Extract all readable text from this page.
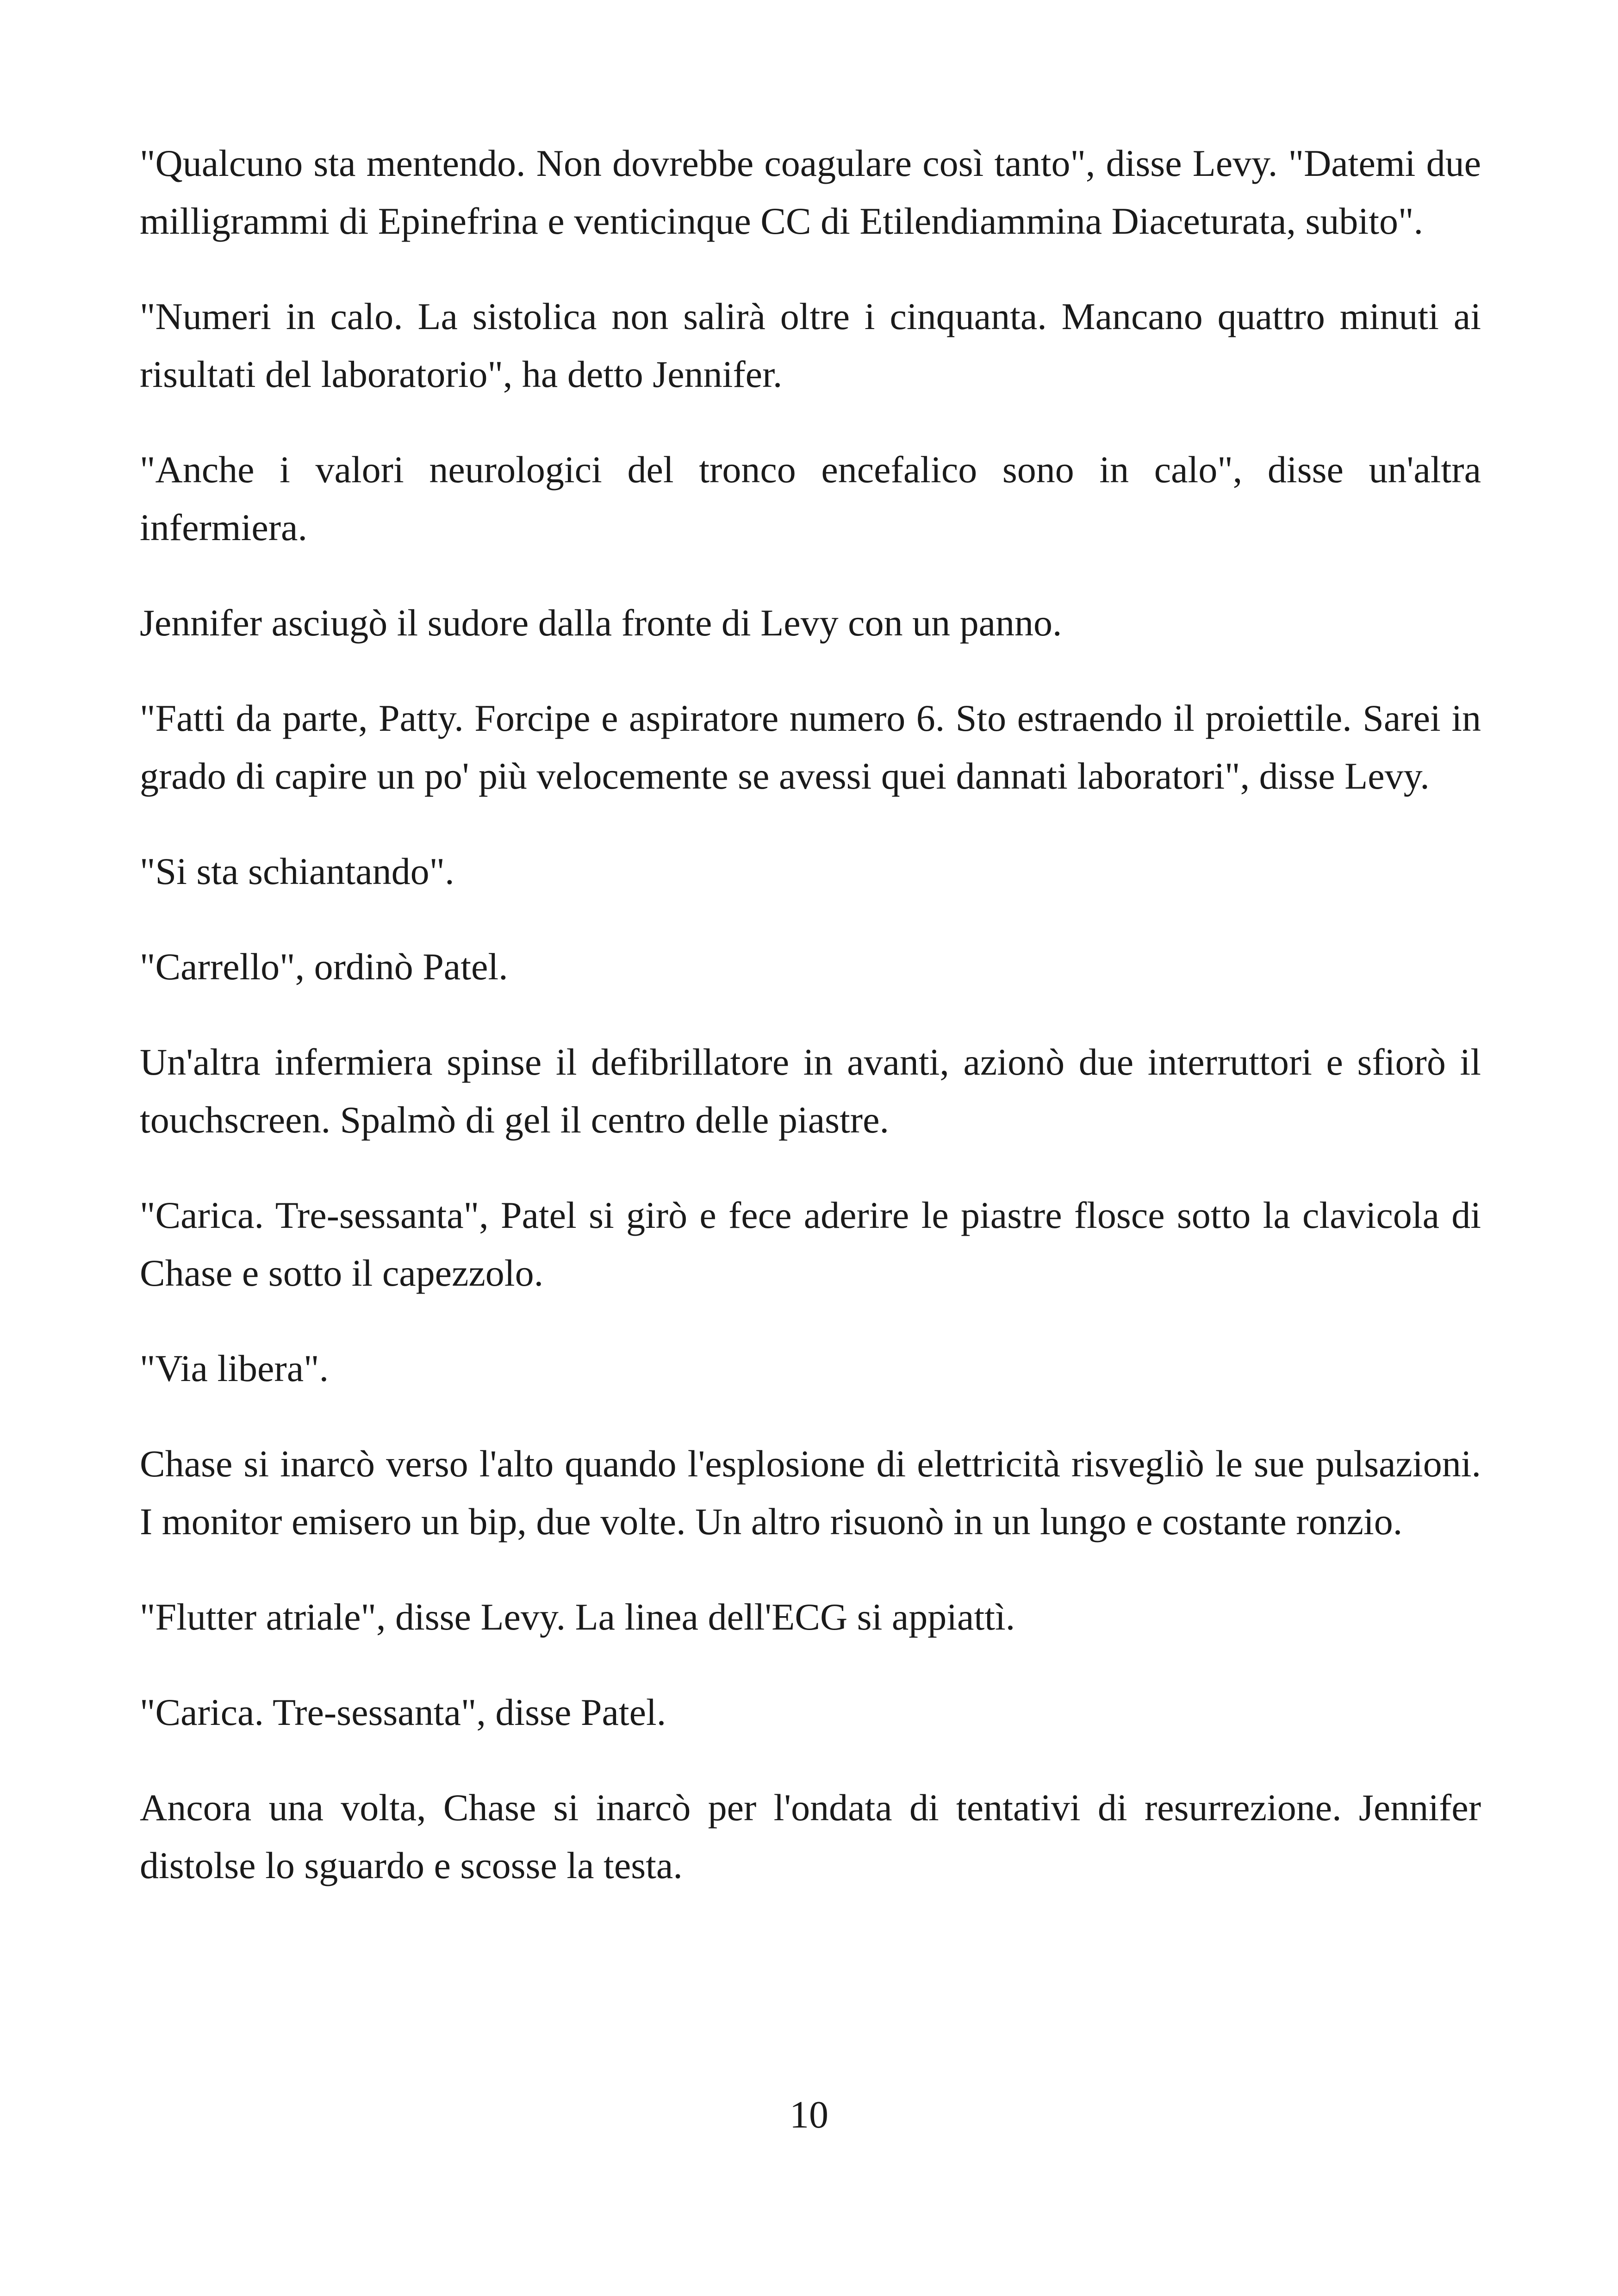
"Qualcuno sta mentendo. Non dovrebbe coagulare così tanto", disse Levy. "Datemi due milligrammi di Epinefrina e venticinque CC di Etilendiammina Diaceturata, subito".

"Numeri in calo. La sistolica non salirà oltre i cinquanta. Mancano quattro minuti ai risultati del laboratorio", ha detto Jennifer.

"Anche i valori neurologici del tronco encefalico sono in calo", disse un'altra infermiera.

Jennifer asciugò il sudore dalla fronte di Levy con un panno.

"Fatti da parte, Patty. Forcipe e aspiratore numero 6. Sto estraendo il proiettile. Sarei in grado di capire un po' più velocemente se avessi quei dannati laboratori", disse Levy.

"Si sta schiantando".

"Carrello", ordinò Patel.

Un'altra infermiera spinse il defibrillatore in avanti, azionò due interruttori e sfiorò il touchscreen. Spalmò di gel il centro delle piastre.

"Carica. Tre-sessanta", Patel si girò e fece aderire le piastre flosce sotto la clavicola di Chase e sotto il capezzolo.

"Via libera".

Chase si inarcò verso l'alto quando l'esplosione di elettricità risvegliò le sue pulsazioni. I monitor emisero un bip, due volte. Un altro risuonò in un lungo e costante ronzio.

"Flutter atriale", disse Levy. La linea dell'ECG si appiattì.

"Carica. Tre-sessanta", disse Patel.

Ancora una volta, Chase si inarcò per l'ondata di tentativi di resurrezione. Jennifer distolse lo sguardo e scosse la testa.

10
